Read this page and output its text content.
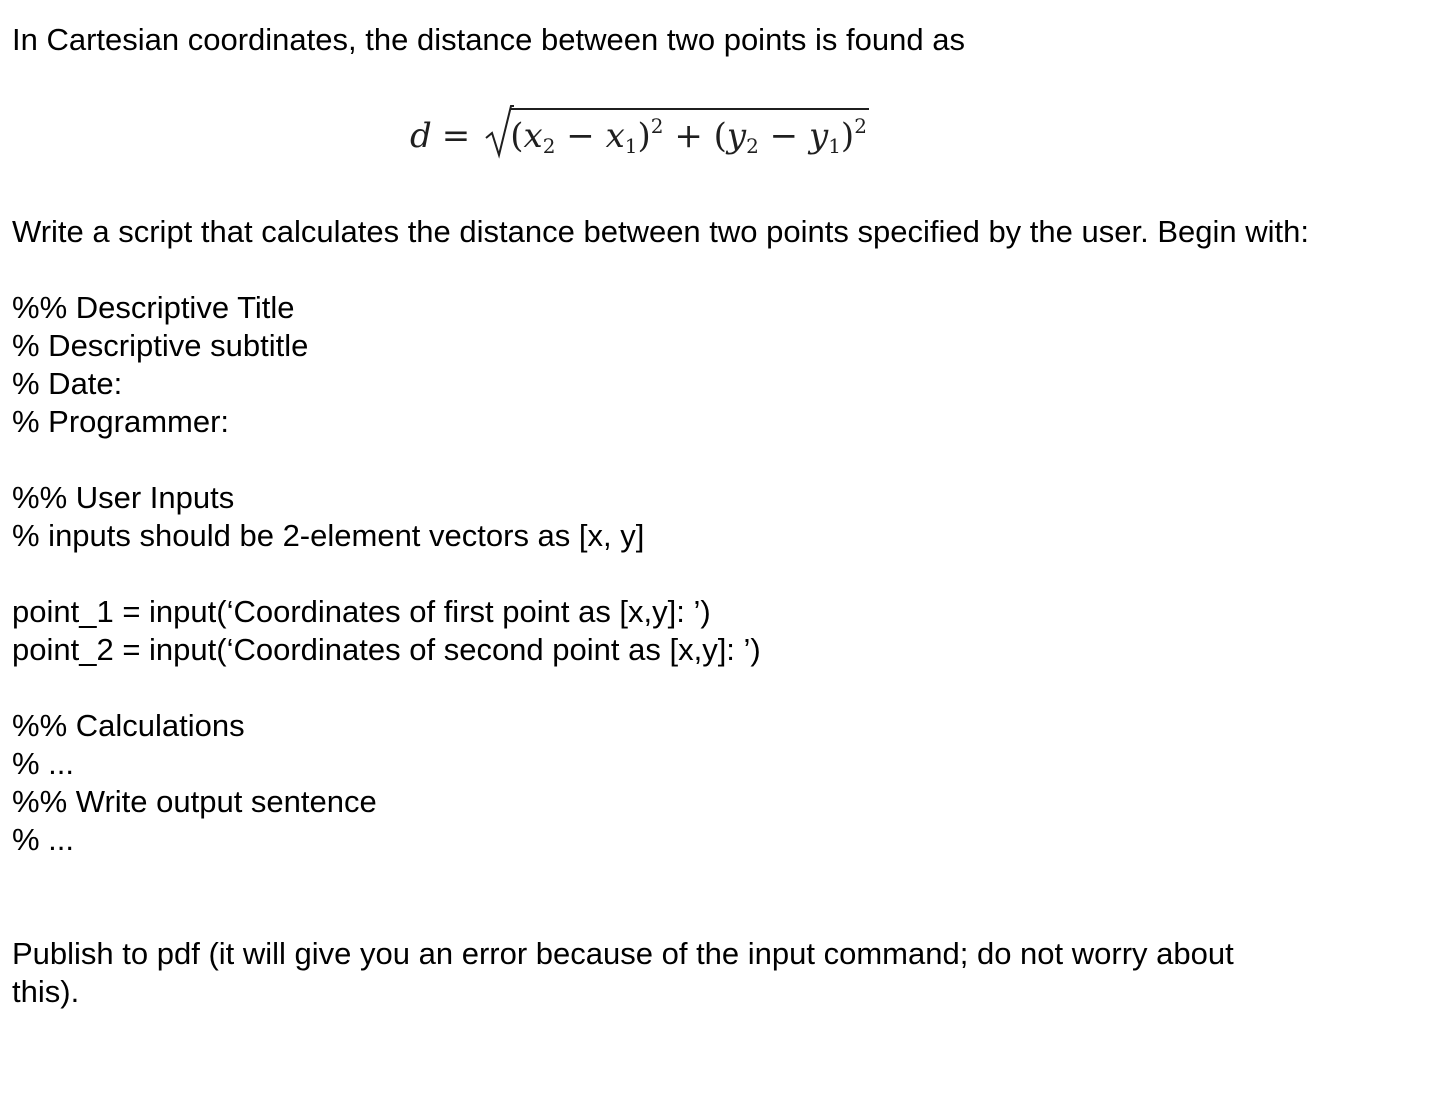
In Cartesian coordinates, the distance between two points is found as

$d = (x_2 - x_1)^2 + (y_2 - y_1)^2$

Write a script that calculates the distance between two points specified by the user. Begin with:

%% Descriptive Title

% Descriptive subtitle

% Date:

% Programmer:

%% User Inputs

% inputs should be 2-element vectors as [x, y]

point_1 = input(‘Coordinates of first point as [x,y]: ’)

point_2 = input(‘Coordinates of second point as [x,y]: ’)

%% Calculations

% ...

%% Write output sentence

% ...

Publish to pdf (it will give you an error because of the input command; do not worry about

this).
